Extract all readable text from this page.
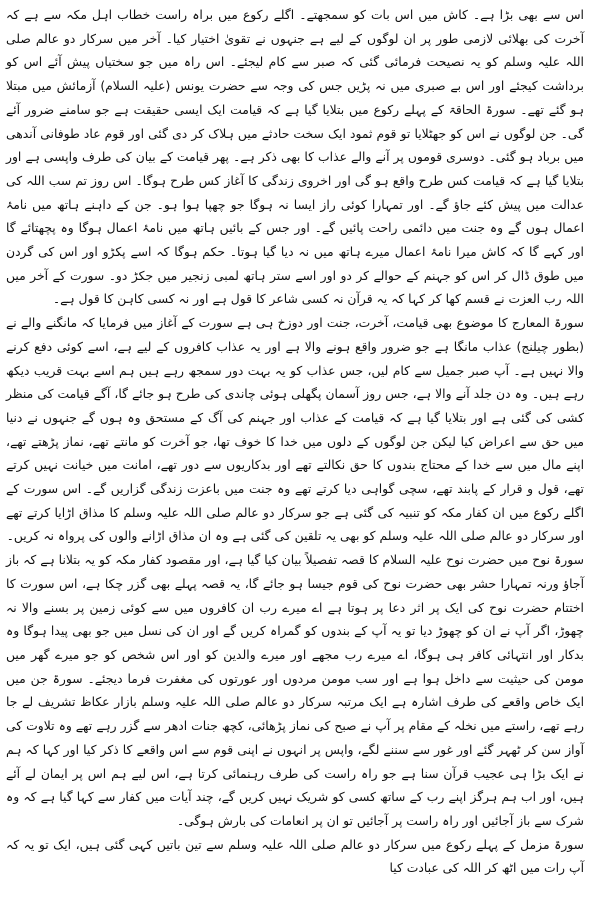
اس سے بھی بڑا ہے۔ کاش میں اس بات کو سمجھتے۔ اگلے رکوع میں براہ راست خطاب اہل مکہ سے ہے کہ آخرت کی بھلائی لازمی طور پر ان لوگوں کے لیے ہے جنہوں نے تقویٰ اختیار کیا۔ آخر میں سرکار دو عالم صلی اللہ علیہ وسلم کو یہ نصیحت فرمائی گئی کہ صبر سے کام لیجئے۔ اس راہ میں جو سختیاں پیش آئے اس کو برداشت کیجئے اور اس بے صبری میں نہ پڑیں جس کی وجہ سے حضرت یونس (علیہ السلام) آزمائش میں مبتلا ہو گئے تھے۔ سورۃ الحاقۃ کے پہلے رکوع میں بتلایا گیا ہے کہ قیامت ایک ایسی حقیقت ہے جو سامنے ضرور آئے گی۔ جن لوگوں نے اس کو جھٹلایا تو قوم ثمود ایک سخت حادثے میں ہلاک کر دی گئی اور قوم عاد طوفانی آندھی میں برباد ہو گئی۔ دوسری قوموں پر آنے والے عذاب کا بھی ذکر ہے۔ پھر قیامت کے بیان کی طرف واپسی ہے اور بتلایا گیا ہے کہ قیامت کس طرح واقع ہو گی اور اخروی زندگی کا آغاز کس طرح ہوگا۔ اس روز تم سب اللہ کی عدالت میں پیش کئے جاؤ گے۔ اور تمہارا کوئی راز ایسا نہ ہوگا جو چھپا ہوا ہو۔ جن کے داہنے ہاتھ میں نامۂ اعمال ہوں گے وہ جنت میں دائمی راحت پائیں گے۔ اور جس کے بائیں ہاتھ میں نامۂ اعمال ہوگا وہ پچھتائے گا اور کہے گا کہ کاش میرا نامۂ اعمال میرے ہاتھ میں نہ دیا گیا ہوتا۔ حکم ہوگا کہ اسے پکڑو اور اس کی گردن میں طوق ڈال کر اس کو جہنم کے حوالے کر دو اور اسے ستر ہاتھ لمبی زنجیر میں جکڑ دو۔ سورت کے آخر میں اللہ رب العزت نے قسم کھا کر کہا کہ یہ قرآن نہ کسی شاعر کا قول ہے اور نہ کسی کاہن کا قول ہے۔

سورۃ المعارج کا موضوع بھی قیامت، آخرت، جنت اور دوزخ ہی ہے سورت کے آغاز میں فرمایا کہ مانگنے والے نے (بطور چیلنج) عذاب مانگا ہے جو ضرور واقع ہونے والا ہے اور یہ عذاب کافروں کے لیے ہے، اسے کوئی دفع کرنے والا نہیں ہے۔ آپ صبر جمیل سے کام لیں، جس عذاب کو یہ بہت دور سمجھ رہے ہیں ہم اسے بہت قریب دیکھ رہے ہیں۔ وہ دن جلد آنے والا ہے، جس روز آسمان پگھلی ہوئی چاندی کی طرح ہو جائے گا، آگے قیامت کی منظر کشی کی گئی ہے اور بتلایا گیا ہے کہ قیامت کے عذاب اور جہنم کی آگ کے مستحق وہ ہوں گے جنہوں نے دنیا میں حق سے اعراض کیا لیکن جن لوگوں کے دلوں میں خدا کا خوف تھا، جو آخرت کو مانتے تھے، نماز پڑھتے تھے، اپنے مال میں سے خدا کے محتاج بندوں کا حق نکالتے تھے اور بدکاریوں سے دور تھے، امانت میں خیانت نہیں کرتے تھے، قول و قرار کے پابند تھے، سچی گواہی دیا کرتے تھے وہ جنت میں باعزت زندگی گزاریں گے۔ اس سورت کے اگلے رکوع میں ان کفار مکہ کو تنبیہ کی گئی ہے جو سرکار دو عالم صلی اللہ علیہ وسلم کا مذاق اڑایا کرتے تھے اور سرکار دو عالم صلی اللہ علیہ وسلم کو بھی یہ تلقین کی گئی ہے وہ ان مذاق اڑانے والوں کی پرواہ نہ کریں۔

سورۃ نوح میں حضرت نوح علیہ السلام کا قصہ تفصیلاً بیان کیا گیا ہے، اور مقصود کفار مکہ کو یہ بتلانا ہے کہ باز آجاؤ ورنہ تمہارا حشر بھی حضرت نوح کی قوم جیسا ہو جائے گا، یہ قصہ پہلے بھی گزر چکا ہے، اس سورت کا اختتام حضرت نوح کی ایک پر اثر دعا پر ہوتا ہے اے میرے رب ان کافروں میں سے کوئی زمین پر بسنے والا نہ چھوڑ، اگر آپ نے ان کو چھوڑ دیا تو یہ آپ کے بندوں کو گمراہ کریں گے اور ان کی نسل میں جو بھی پیدا ہوگا وہ بدکار اور انتہائی کافر ہی ہوگا، اے میرے رب مجھے اور میرے والدین کو اور اس شخص کو جو میرے گھر میں مومن کی حیثیت سے داخل ہوا ہے اور سب مومن مردوں اور عورتوں کی مغفرت فرما دیجئے۔ سورۃ جن میں ایک خاص واقعے کی طرف اشارہ ہے ایک مرتبہ سرکار دو عالم صلی اللہ علیہ وسلم بازار عکاظ تشریف لے جا رہے تھے، راستے میں نخلہ کے مقام پر آپ نے صبح کی نماز پڑھائی، کچھ جنات ادھر سے گزر رہے تھے وہ تلاوت کی آواز سن کر ٹھہر گئے اور غور سے سننے لگے، واپس پر انہوں نے اپنی قوم سے اس واقعے کا ذکر کیا اور کہا کہ ہم نے ایک بڑا ہی عجیب قرآن سنا ہے جو راہ راست کی طرف رہنمائی کرتا ہے، اس لیے ہم اس پر ایمان لے آئے ہیں، اور اب ہم ہرگز اپنے رب کے ساتھ کسی کو شریک نہیں کریں گے، چند آیات میں کفار سے کہا گیا ہے کہ وہ شرک سے باز آجائیں اور راہ راست پر آجائیں تو ان پر انعامات کی بارش ہوگی۔

سورۃ مزمل کے پہلے رکوع میں سرکار دو عالم صلی اللہ علیہ وسلم سے تین باتیں کہی گئی ہیں، ایک تو یہ کہ آپ رات میں اٹھ کر اللہ کی عبادت کیا
